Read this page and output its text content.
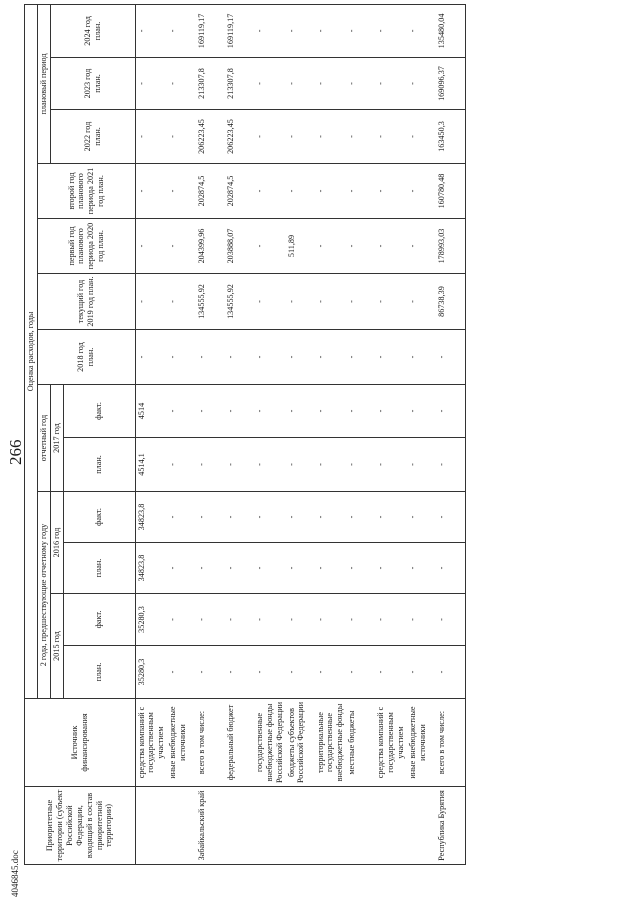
266
4046845.doc
Приоритетные территории (субъект Российской Федерации, входящий в состав приоритетной территории)	Источник финансирования	Оценка расходов, годы												
		2 года, предшествующие отчетному году				отчетный год		2018 год план.	текущий год 2019 год план.	первый год планового периода 2020 год план.	второй год планового периода 2021 год план.	плановый период		
		2015 год		2016 год		2017 год						2022 год план.	2023 год план.	2024 год план.
		план.	факт.	план.	факт.	план.	факт.							
	средства компаний с государственным участием	35280,3	35280,3	34823,8	34823,8	4514,1	4514	-	-	-	-	-	-	-
	иные внебюджетные источники	-	-	-	-	-	-	-	-	-	-	-	-	-
Забайкальский край	всего в том числе:	-	-	-	-	-	-	-	134555,92	204399,96	202874,5	206223,45	213307,8	169119,17
	федеральный бюджет	-	-	-	-	-	-	-	134555,92	203888,07	202874,5	206223,45	213307,8	169119,17
	государственные внебюджетные фонды Российской Федерации	-	-	-	-	-	-	-	-	-	-	-	-	-
	бюджеты субъектов Российской Федерации	-	-	-	-	-	-	-	-	511,89	-	-	-	-
	территориальные государственные внебюджетные фонды	-	-	-	-	-	-	-	-	-	-	-	-	-
	местные бюджеты	-	-	-	-	-	-	-	-	-	-	-	-	-
	средства компаний с государственным участием	-	-	-	-	-	-	-	-	-	-	-	-	-
	иные внебюджетные источники	-	-	-	-	-	-	-	-	-	-	-	-	-
Республика Бурятия	всего в том числе:	-	-	-	-	-	-	-	86738,39	178993,03	160780,48	163450,3	169096,37	135480,04
